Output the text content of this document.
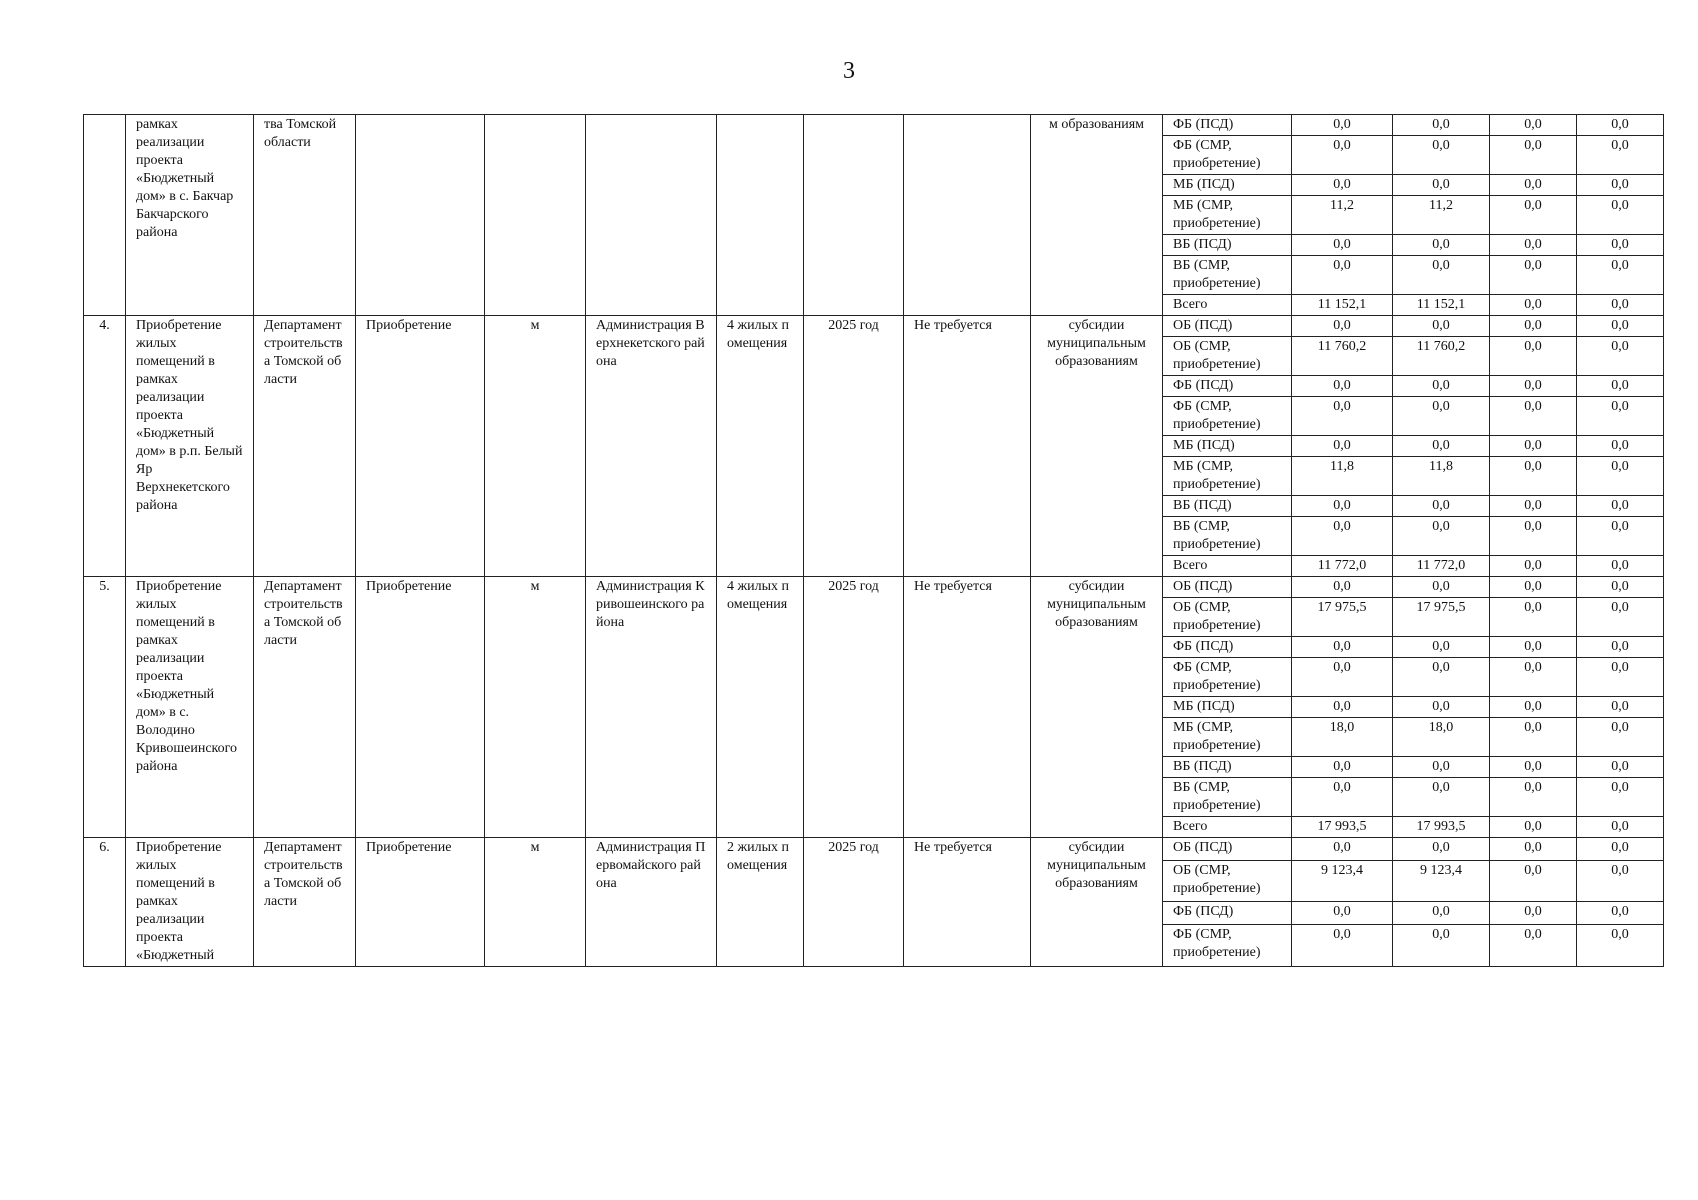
3
	рамках реализации проекта «Бюджетный дом» в с. Бакчар Бакчарского района	тва Томской области							м образованиям	ФБ (ПСД)	0,0	0,0	0,0	0,0
										ФБ (СМР, приобретение)	0,0	0,0	0,0	0,0
										МБ (ПСД)	0,0	0,0	0,0	0,0
										МБ (СМР, приобретение)	11,2	11,2	0,0	0,0
										ВБ (ПСД)	0,0	0,0	0,0	0,0
										ВБ (СМР, приобретение)	0,0	0,0	0,0	0,0
										Всего	11 152,1	11 152,1	0,0	0,0
4.	Приобретение жилых помещений в рамках реализации проекта «Бюджетный дом» в р.п. Белый Яр Верхнекетского района	Департамент строительства Томской области	Приобретение	м	Администрация Верхнекетского района	4 жилых помещения	2025 год	Не требуется	субсидии муниципальным образованиям	ОБ (ПСД)	0,0	0,0	0,0	0,0
										ОБ (СМР, приобретение)	11 760,2	11 760,2	0,0	0,0
										ФБ (ПСД)	0,0	0,0	0,0	0,0
										ФБ (СМР, приобретение)	0,0	0,0	0,0	0,0
										МБ (ПСД)	0,0	0,0	0,0	0,0
										МБ (СМР, приобретение)	11,8	11,8	0,0	0,0
										ВБ (ПСД)	0,0	0,0	0,0	0,0
										ВБ (СМР, приобретение)	0,0	0,0	0,0	0,0
										Всего	11 772,0	11 772,0	0,0	0,0
5.	Приобретение жилых помещений в рамках реализации проекта «Бюджетный дом» в с. Володино Кривошеинского района	Департамент строительства Томской области	Приобретение	м	Администрация Кривошеинского района	4 жилых помещения	2025 год	Не требуется	субсидии муниципальным образованиям	ОБ (ПСД)	0,0	0,0	0,0	0,0
										ОБ (СМР, приобретение)	17 975,5	17 975,5	0,0	0,0
										ФБ (ПСД)	0,0	0,0	0,0	0,0
										ФБ (СМР, приобретение)	0,0	0,0	0,0	0,0
										МБ (ПСД)	0,0	0,0	0,0	0,0
										МБ (СМР, приобретение)	18,0	18,0	0,0	0,0
										ВБ (ПСД)	0,0	0,0	0,0	0,0
										ВБ (СМР, приобретение)	0,0	0,0	0,0	0,0
										Всего	17 993,5	17 993,5	0,0	0,0
6.	Приобретение жилых помещений в рамках реализации проекта «Бюджетный	Департамент строительства Томской области	Приобретение	м	Администрация Первомайского района	2 жилых помещения	2025 год	Не требуется	субсидии муниципальным образованиям	ОБ (ПСД)	0,0	0,0	0,0	0,0
										ОБ (СМР, приобретение)	9 123,4	9 123,4	0,0	0,0
										ФБ (ПСД)	0,0	0,0	0,0	0,0
										ФБ (СМР, приобретение)	0,0	0,0	0,0	0,0
